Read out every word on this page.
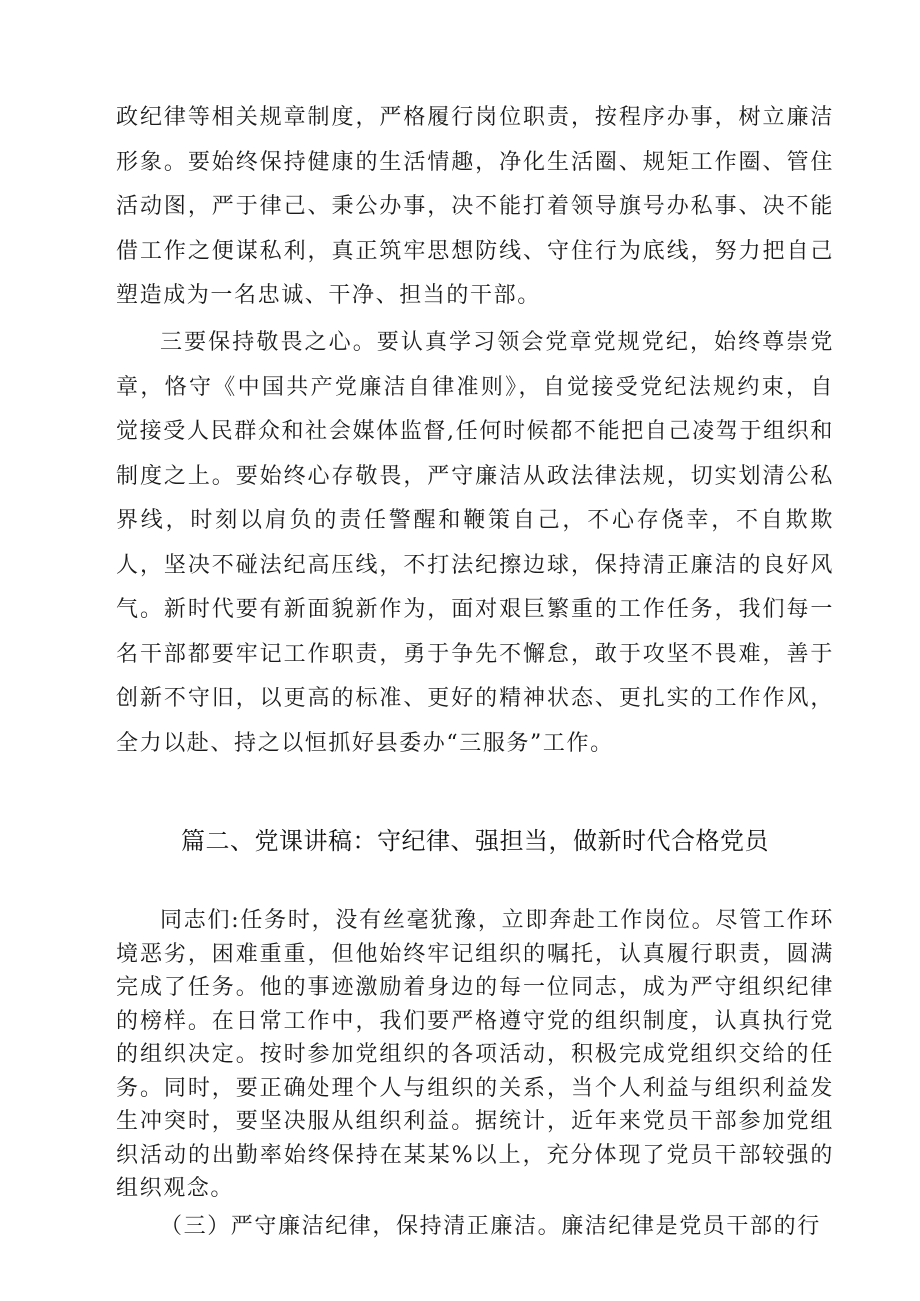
政纪律等相关规章制度，严格履行岗位职责，按程序办事，树立廉洁形象。要始终保持健康的生活情趣，净化生活圈、规矩工作圈、管住活动图，严于律己、秉公办事，决不能打着领导旗号办私事、决不能借工作之便谋私利，真正筑牢思想防线、守住行为底线，努力把自己塑造成为一名忠诚、干净、担当的干部。

三要保持敬畏之心。要认真学习领会党章党规党纪，始终尊崇党章，恪守《中国共产党廉洁自律准则》，自觉接受党纪法规约束，自觉接受人民群众和社会媒体监督,任何时候都不能把自己凌驾于组织和制度之上。要始终心存敬畏，严守廉洁从政法律法规，切实划清公私界线，时刻以肩负的责任警醒和鞭策自己，不心存侥幸，不自欺欺人，坚决不碰法纪高压线，不打法纪擦边球，保持清正廉洁的良好风气。新时代要有新面貌新作为，面对艰巨繁重的工作任务，我们每一名干部都要牢记工作职责，勇于争先不懈怠，敢于攻坚不畏难，善于创新不守旧，以更高的标准、更好的精神状态、更扎实的工作作风，全力以赴、持之以恒抓好县委办“三服务”工作。

篇二、党课讲稿：守纪律、强担当，做新时代合格党员

同志们:任务时，没有丝毫犹豫，立即奔赴工作岗位。尽管工作环境恶劣，困难重重，但他始终牢记组织的嘱托，认真履行职责，圆满完成了任务。他的事迹激励着身边的每一位同志，成为严守组织纪律的榜样。在日常工作中，我们要严格遵守党的组织制度，认真执行党的组织决定。按时参加党组织的各项活动，积极完成党组织交给的任务。同时，要正确处理个人与组织的关系，当个人利益与组织利益发生冲突时，要坚决服从组织利益。据统计，近年来党员干部参加党组织活动的出勤率始终保持在某某%以上，充分体现了党员干部较强的组织观念。

（三）严守廉洁纪律，保持清正廉洁。廉洁纪律是党员干部的行
